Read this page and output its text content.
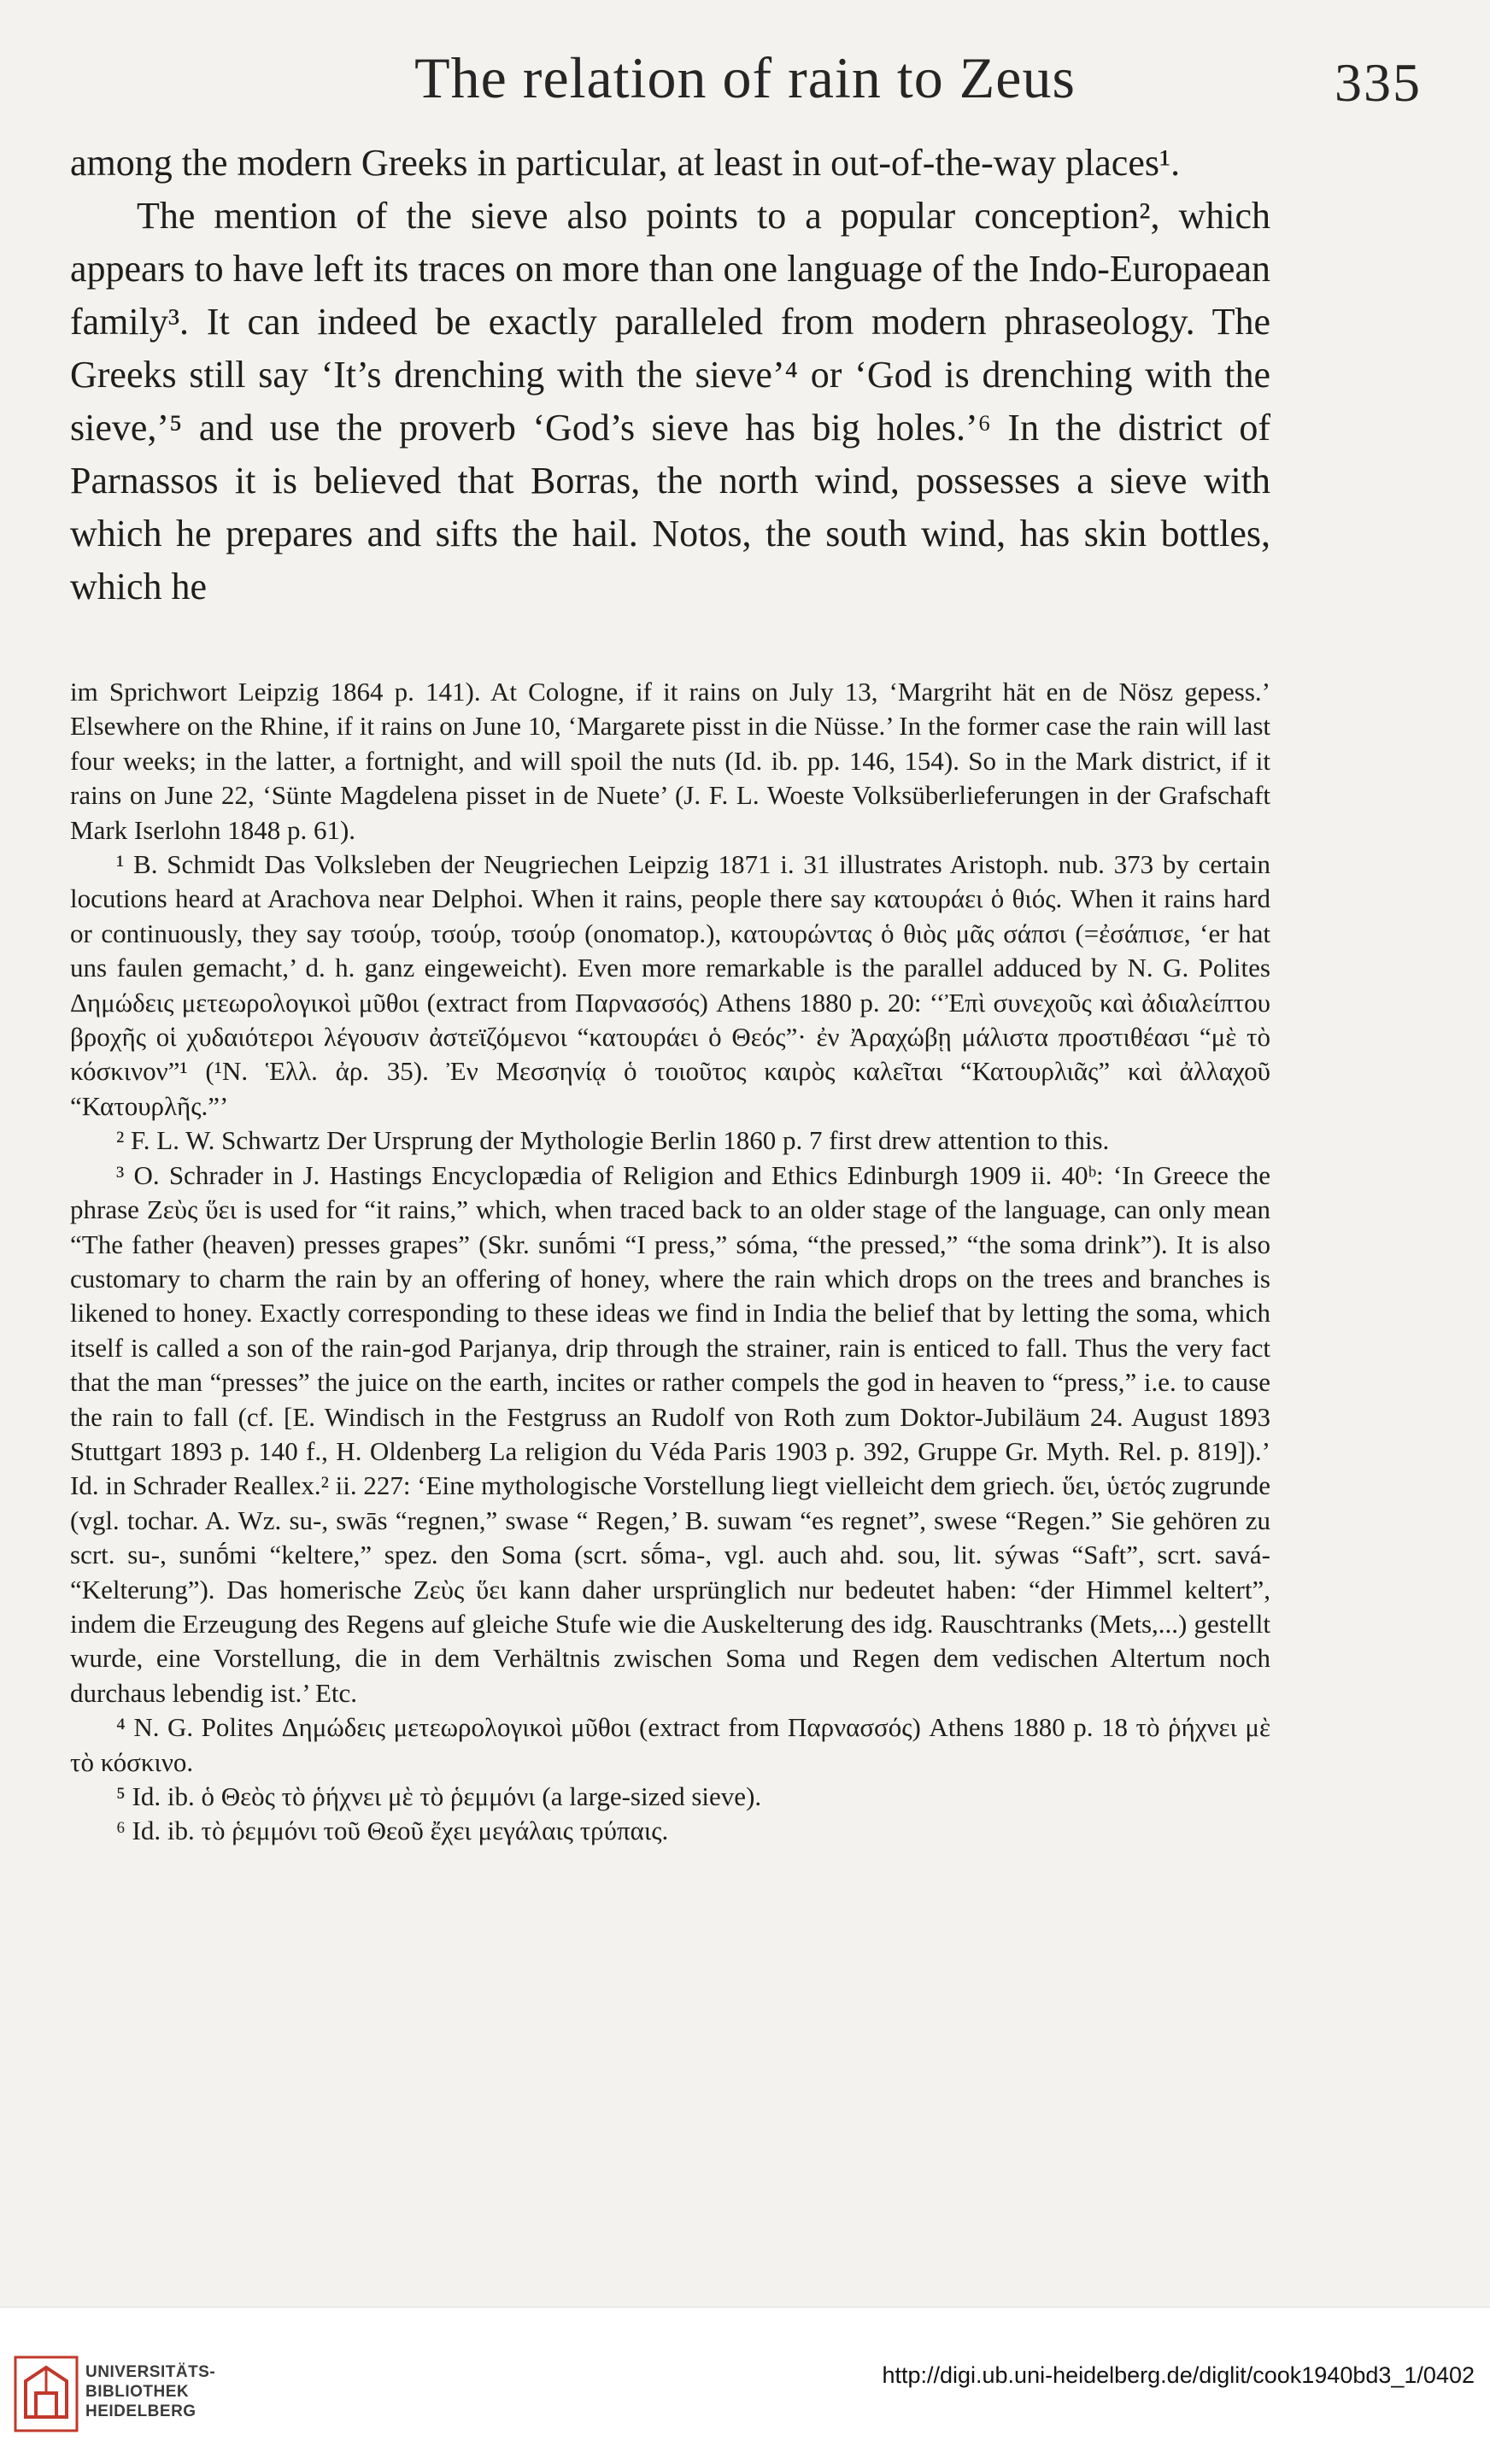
The relation of rain to Zeus	335

among the modern Greeks in particular, at least in out-of-the-way places¹.

The mention of the sieve also points to a popular conception², which appears to have left its traces on more than one language of the Indo-Europaean family³. It can indeed be exactly paralleled from modern phraseology. The Greeks still say ‘It’s drenching with the sieve’⁴ or ‘God is drenching with the sieve,’⁵ and use the proverb ‘God’s sieve has big holes.’⁶ In the district of Parnassos it is believed that Borras, the north wind, possesses a sieve with which he prepares and sifts the hail. Notos, the south wind, has skin bottles, which he

im Sprichwort Leipzig 1864 p. 141). At Cologne, if it rains on July 13, ‘Margriht hät en de Nösz gepess.’ Elsewhere on the Rhine, if it rains on June 10, ‘Margarete pisst in die Nüsse.’ In the former case the rain will last four weeks; in the latter, a fortnight, and will spoil the nuts (Id. ib. pp. 146, 154). So in the Mark district, if it rains on June 22, ‘Sünte Magdelena pisset in de Nuete’ (J. F. L. Woeste Volksüberlieferungen in der Grafschaft Mark Iserlohn 1848 p. 61).

¹ B. Schmidt Das Volksleben der Neugriechen Leipzig 1871 i. 31 illustrates Aristoph. nub. 373 by certain locutions heard at Arachova near Delphoi. When it rains, people there say κατουράει ὁ θιός. When it rains hard or continuously, they say τσούρ, τσούρ, τσούρ (onomatop.), κατουρώντας ὁ θιὸς μᾶς σάπσι (=ἐσάπισε, ‘er hat uns faulen gemacht,’ d. h. ganz eingeweicht). Even more remarkable is the parallel adduced by N. G. Polites Δημώδεις μετεωρολογικοὶ μῦθοι (extract from Παρνασσός) Athens 1880 p. 20: ‘‘Ἐπὶ συνεχοῦς καὶ ἀδιαλείπτου βροχῆς οἱ χυδαιότεροι λέγουσιν ἀστεϊζόμενοι “κατουράει ὁ Θεός”· ἐν Ἀραχώβῃ μάλιστα προστιθέασι “μὲ τὸ κόσκινον”¹ (¹N. Ἑλλ. ἀρ. 35). Ἐν Μεσσηνίᾳ ὁ τοιοῦτος καιρὸς καλεῖται “Κατουρλιᾶς” καὶ ἀλλαχοῦ “Κατουρλῆς.”’

² F. L. W. Schwartz Der Ursprung der Mythologie Berlin 1860 p. 7 first drew attention to this.

³ O. Schrader in J. Hastings Encyclopædia of Religion and Ethics Edinburgh 1909 ii. 40ᵇ: ‘In Greece the phrase Ζεὺς ὕει is used for “it rains,” which, when traced back to an older stage of the language, can only mean “The father (heaven) presses grapes” (Skr. sunṓmi “I press,” sóma, “the pressed,” “the soma drink”). It is also customary to charm the rain by an offering of honey, where the rain which drops on the trees and branches is likened to honey. Exactly corresponding to these ideas we find in India the belief that by letting the soma, which itself is called a son of the rain-god Parjanya, drip through the strainer, rain is enticed to fall. Thus the very fact that the man “presses” the juice on the earth, incites or rather compels the god in heaven to “press,” i.e. to cause the rain to fall (cf. [E. Windisch in the Festgruss an Rudolf von Roth zum Doktor-Jubiläum 24. August 1893 Stuttgart 1893 p. 140 f., H. Oldenberg La religion du Véda Paris 1903 p. 392, Gruppe Gr. Myth. Rel. p. 819]).’ Id. in Schrader Reallex.² ii. 227: ‘Eine mythologische Vorstellung liegt vielleicht dem griech. ὕει, ὑετός zugrunde (vgl. tochar. A. Wz. su-, swās “regnen,” swase “ Regen,’ B. suwam “es regnet”, swese “Regen.” Sie gehören zu scrt. su-, sunṓmi “keltere,” spez. den Soma (scrt. sṓma-, vgl. auch ahd. sou, lit. sýwas “Saft”, scrt. savá- “Kelterung”). Das homerische Ζεὺς ὕει kann daher ursprünglich nur bedeutet haben: “der Himmel keltert”, indem die Erzeugung des Regens auf gleiche Stufe wie die Auskelterung des idg. Rauschtranks (Mets,...) gestellt wurde, eine Vorstellung, die in dem Verhältnis zwischen Soma und Regen dem vedischen Altertum noch durchaus lebendig ist.’ Etc.

⁴ N. G. Polites Δημώδεις μετεωρολογικοὶ μῦθοι (extract from Παρνασσός) Athens 1880 p. 18 τὸ ῥήχνει μὲ τὸ κόσκινο.

⁵ Id. ib. ὁ Θεὸς τὸ ῥήχνει μὲ τὸ ῥεμμόνι (a large-sized sieve).

⁶ Id. ib. τὸ ῥεμμόνι τοῦ Θεοῦ ἔχει μεγάλαις τρύπαις.

UNIVERSITÄTS-
BIBLIOTHEK
HEIDELBERG
http://digi.ub.uni-heidelberg.de/diglit/cook1940bd3_1/0402
